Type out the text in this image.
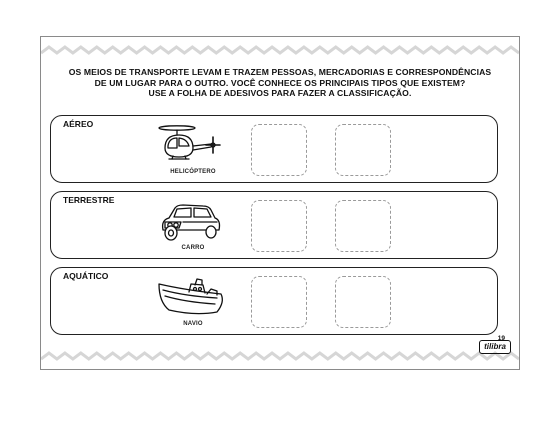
OS MEIOS DE TRANSPORTE LEVAM E TRAZEM PESSOAS, MERCADORIAS E CORRESPONDÊNCIAS
DE UM LUGAR PARA O OUTRO. VOCÊ CONHECE OS PRINCIPAIS TIPOS QUE EXISTEM?
USE A FOLHA DE ADESIVOS PARA FAZER A CLASSIFICAÇÃO.
AÉREO
HELICÓPTERO
TERRESTRE
CARRO
AQUÁTICO
NAVIO
19
tilibra
